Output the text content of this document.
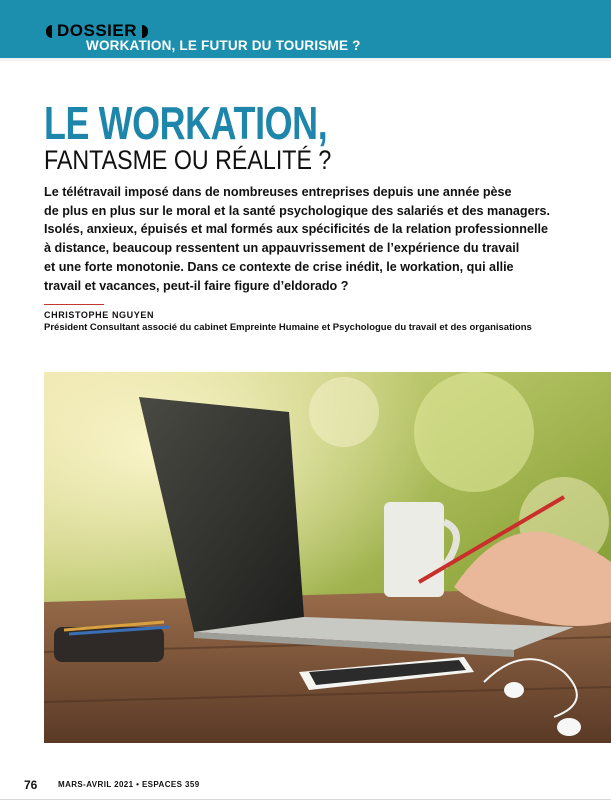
DOSSIER
WORKATION, LE FUTUR DU TOURISME ?
LE WORKATION,
FANTASME OU RÉALITÉ ?

Le télétravail imposé dans de nombreuses entreprises depuis une année pèse
de plus en plus sur le moral et la santé psychologique des salariés et des managers.
Isolés, anxieux, épuisés et mal formés aux spécificités de la relation professionnelle
à distance, beaucoup ressentent un appauvrissement de l’expérience du travail
et une forte monotonie. Dans ce contexte de crise inédit, le workation, qui allie
travail et vacances, peut-il faire figure d’eldorado ?

CHRISTOPHE NGUYEN
Président Consultant associé du cabinet Empreinte Humaine et Psychologue du travail et des organisations
76	MARS-AVRIL 2021 • ESPACES 359
